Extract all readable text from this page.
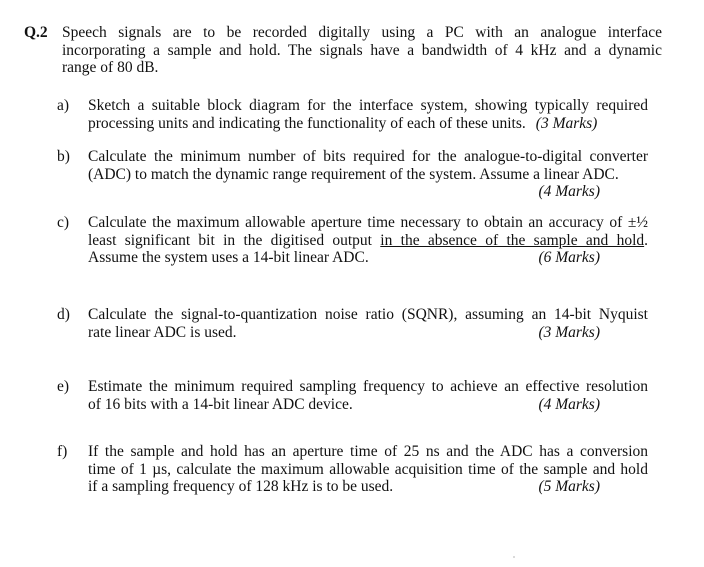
Q.2 Speech signals are to be recorded digitally using a PC with an analogue interface
incorporating a sample and hold. The signals have a bandwidth of 4 kHz and a dynamic
range of 80 dB.
a) Sketch a suitable block diagram for the interface system, showing typically required
processing units and indicating the functionality of each of these units. (3 Marks)
b) Calculate the minimum number of bits required for the analogue-to-digital converter
(ADC) to match the dynamic range requirement of the system. Assume a linear ADC.
(4 Marks)
c) Calculate the maximum allowable aperture time necessary to obtain an accuracy of ±½
least significant bit in the digitised output in the absence of the sample and hold.
Assume the system uses a 14-bit linear ADC.	(6 Marks)
d) Calculate the signal-to-quantization noise ratio (SQNR), assuming an 14-bit Nyquist
rate linear ADC is used.	(3 Marks)
e) Estimate the minimum required sampling frequency to achieve an effective resolution
of 16 bits with a 14-bit linear ADC device.	(4 Marks)
f) If the sample and hold has an aperture time of 25 ns and the ADC has a conversion
time of 1 µs, calculate the maximum allowable acquisition time of the sample and hold
if a sampling frequency of 128 kHz is to be used.	(5 Marks)
